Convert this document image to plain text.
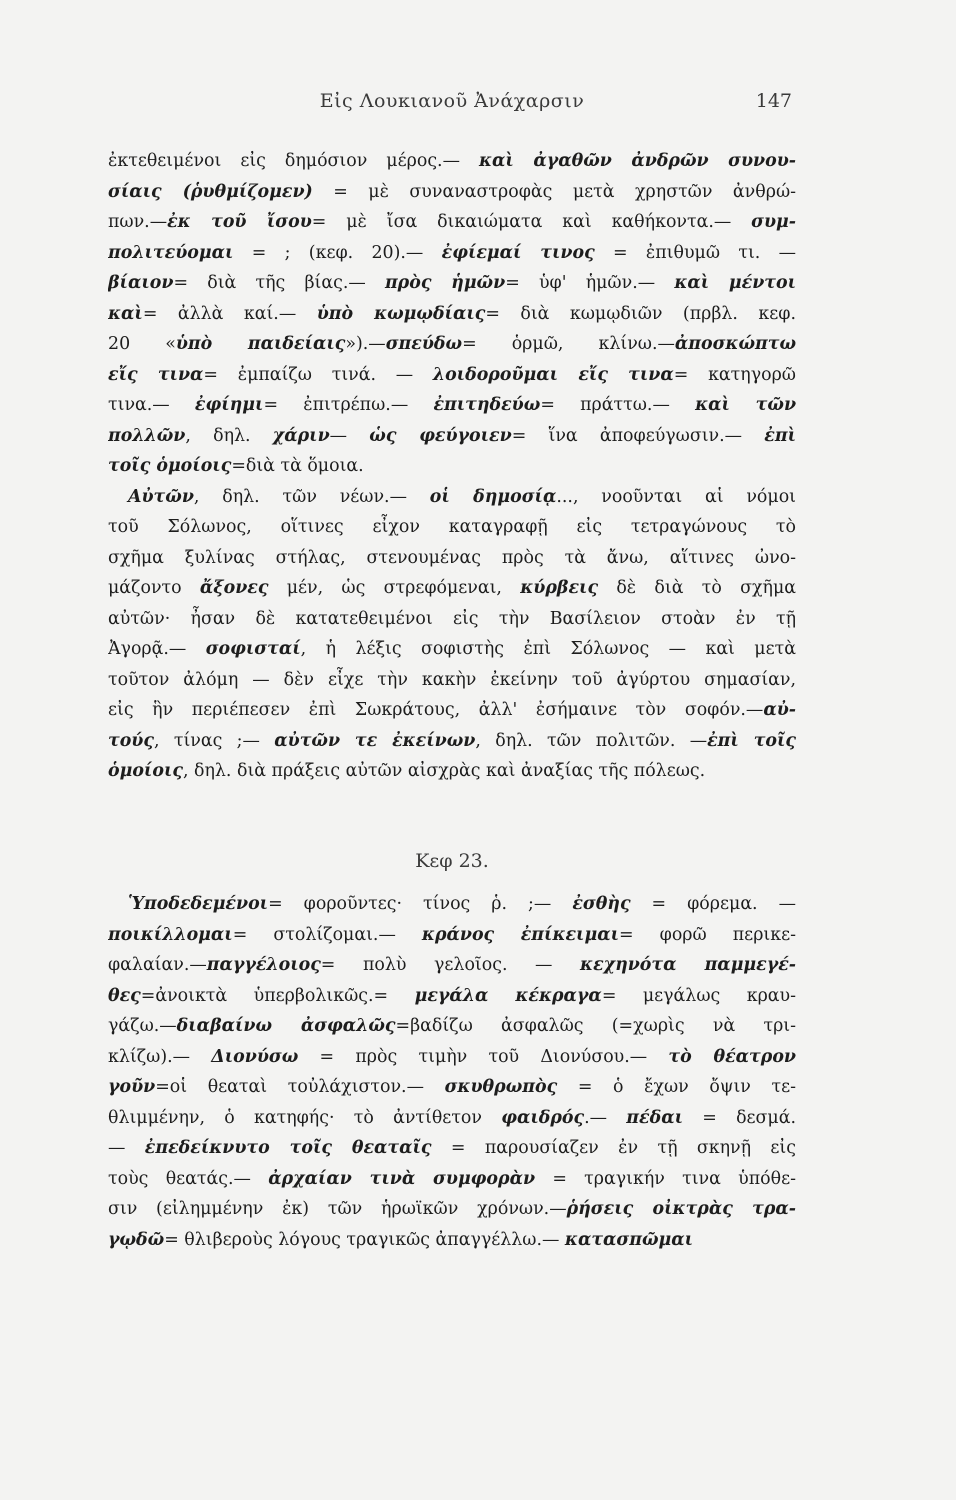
Εἰς Λουκιανοῦ Ἀνάχαρσιν	147
ἐκτεθειμένοι εἰς δημόσιον μέρος.— καὶ ἀγαθῶν ἀνδρῶν συνου-
σίαις (ῥυθμίζομεν) = μὲ συναναστροφὰς μετὰ χρηστῶν ἀνθρώ-
πων.—ἐκ τοῦ ἴσου= μὲ ἴσα δικαιώματα καὶ καθήκοντα.— συμ-
πολιτεύομαι = ; (κεφ. 20).— ἐφίεμαί τινος = ἐπιθυμῶ τι. —
βίαιον= διὰ τῆς βίας.— πρὸς ἡμῶν= ὑφ' ἡμῶν.— καὶ μέντοι
καὶ= ἀλλὰ καί.— ὑπὸ κωμῳδίαις= διὰ κωμῳδιῶν (πρβλ. κεφ.
20 «ὑπὸ παιδείαις»).—σπεύδω= ὁρμῶ, κλίνω.—ἀποσκώπτω
εἴς τινα= ἐμπαίζω τινά. — λοιδοροῦμαι εἴς τινα= κατηγορῶ
τινα.— ἐφίημι= ἐπιτρέπω.— ἐπιτηδεύω= πράττω.— καὶ τῶν
πολλῶν, δηλ. χάριν— ὡς φεύγοιεν= ἵνα ἀποφεύγωσιν.— ἐπὶ
τοῖς ὁμοίοις=διὰ τὰ ὅμοια.
Αὐτῶν, δηλ. τῶν νέων.— οἱ δημοσίᾳ..., νοοῦνται αἱ νόμοι
τοῦ Σόλωνος, οἵτινες εἶχον καταγραφῇ εἰς τετραγώνους τὸ
σχῆμα ξυλίνας στήλας, στενουμένας πρὸς τὰ ἄνω, αἵτινες ὠνο-
μάζοντο ἄξονες μέν, ὡς στρεφόμεναι, κύρβεις δὲ διὰ τὸ σχῆμα
αὐτῶν· ἦσαν δὲ κατατεθειμένοι εἰς τὴν Βασίλειον στοὰν ἐν τῇ
Ἀγορᾷ.— σοφισταί, ἡ λέξις σοφιστὴς ἐπὶ Σόλωνος — καὶ μετὰ
τοῦτον ἀλόμη — δὲν εἶχε τὴν κακὴν ἐκείνην τοῦ ἀγύρτου σημασίαν,
εἰς ἣν περιέπεσεν ἐπὶ Σωκράτους, ἀλλ' ἐσήμαινε τὸν σοφόν.—αὐ-
τούς, τίνας ;— αὐτῶν τε ἐκείνων, δηλ. τῶν πολιτῶν. —ἐπὶ τοῖς
ὁμοίοις, δηλ. διὰ πράξεις αὐτῶν αἰσχρὰς καὶ ἀναξίας τῆς πόλεως.
Κεφ 23.
Ὑποδεδεμένοι= φοροῦντες· τίνος ῥ. ;— ἐσθὴς = φόρεμα. —
ποικίλλομαι= στολίζομαι.— κράνος ἐπίκειμαι= φορῶ περικε-
φαλαίαν.—παγγέλοιος= πολὺ γελοῖος. — κεχηνότα παμμεγέ-
θες=ἀνοικτὰ ὑπερβολικῶς.= μεγάλα κέκραγα= μεγάλως κραυ-
γάζω.—διαβαίνω ἀσφαλῶς=βαδίζω ἀσφαλῶς (=χωρὶς νὰ τρι-
κλίζω).— Διονύσω = πρὸς τιμὴν τοῦ Διονύσου.— τὸ θέατρον
γοῦν=οἱ θεαταὶ τοὐλάχιστον.— σκυθρωπὸς = ὁ ἔχων ὄψιν τε-
θλιμμένην, ὁ κατηφής· τὸ ἀντίθετον φαιδρός.— πέδαι = δεσμά.
— ἐπεδείκνυτο τοῖς θεαταῖς = παρουσίαζεν ἐν τῇ σκηνῇ εἰς
τοὺς θεατάς.— ἀρχαίαν τινὰ συμφορὰν = τραγικήν τινα ὑπόθε-
σιν (εἰλημμένην ἐκ) τῶν ἡρωϊκῶν χρόνων.—ῥήσεις οἰκτρὰς τρα-
γῳδῶ= θλιβεροὺς λόγους τραγικῶς ἀπαγγέλλω.— κατασπῶμαι
